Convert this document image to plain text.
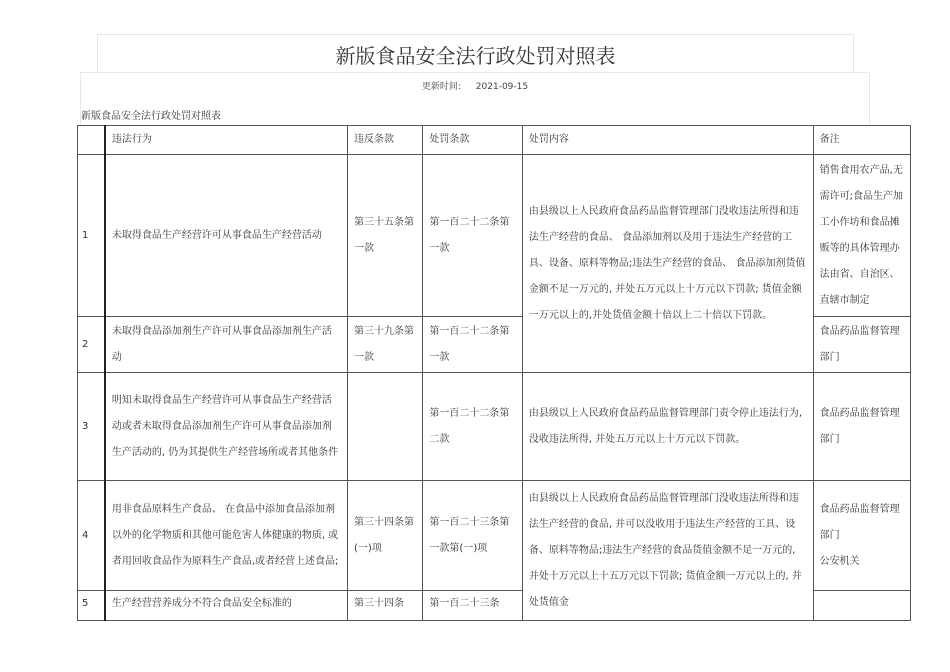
新版食品安全法行政处罚对照表
更新时间: 2021-09-15
新版食品安全法行政处罚对照表
	违法行为	违反条款	处罚条款	处罚内容	备注
1	未取得食品生产经营许可从事食品生产经营活动	第三十五条第一款	第一百二十二条第一款	由县级以上人民政府食品药品监督管理部门没收违法所得和违法生产经营的食品、 食品添加剂以及用于违法生产经营的工具、设备、原料等物品;违法生产经营的食品、 食品添加剂货值金额不足一万元的, 并处五万元以上十万元以下罚款; 货值金额一万元以上的,并处货值金额十倍以上二十倍以下罚款。	销售食用农产品,无需许可;食品生产加工小作坊和食品摊贩等的具体管理办法由省、自治区、直辖市制定
2	未取得食品添加剂生产许可从事食品添加剂生产活动	第三十九条第一款	第一百二十二条第一款		食品药品监督管理部门
3	明知未取得食品生产经营许可从事食品生产经营活动或者未取得食品添加剂生产许可从事食品添加剂生产活动的, 仍为其提供生产经营场所或者其他条件		第一百二十二条第二款	由县级以上人民政府食品药品监督管理部门责令停止违法行为, 没收违法所得, 并处五万元以上十万元以下罚款。	食品药品监督管理部门
4	用非食品原料生产食品、 在食品中添加食品添加剂以外的化学物质和其他可能危害人体健康的物质, 或者用回收食品作为原料生产食品,或者经营上述食品;	第三十四条第(一)项	第一百二十三条第一款第(一)项	由县级以上人民政府食品药品监督管理部门没收违法所得和违法生产经营的食品, 并可以没收用于违法生产经营的工具、设备、原料等物品;违法生产经营的食品货值金额不足一万元的, 并处十万元以上十五万元以下罚款; 货值金额一万元以上的, 并处货值金	食品药品监督管理部门
公安机关
5	生产经营营养成分不符合食品安全标准的	第三十四条	第一百二十三条		
